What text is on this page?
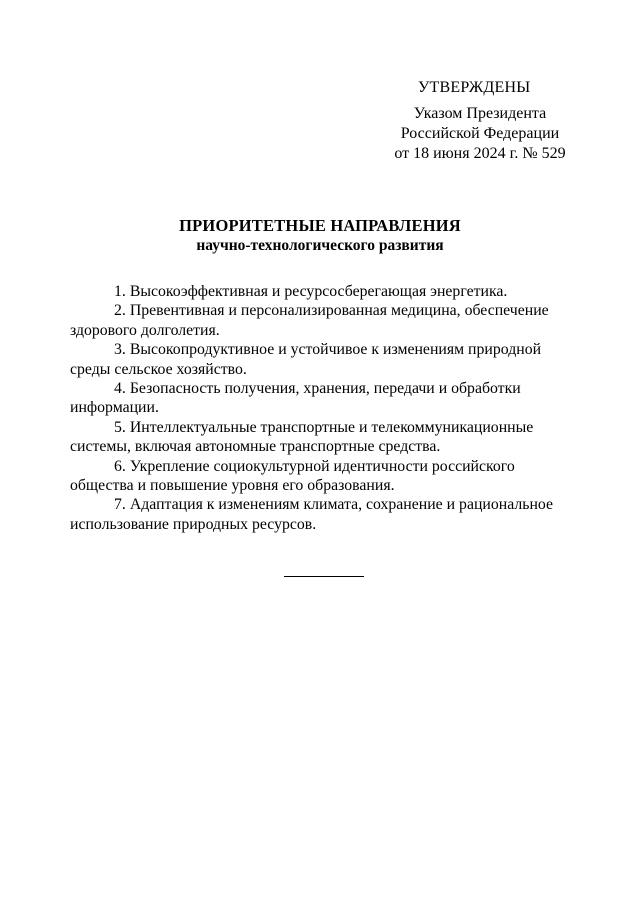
УТВЕРЖДЕНЫ
Указом Президента
Российской Федерации
от 18 июня 2024 г. № 529
ПРИОРИТЕТНЫЕ НАПРАВЛЕНИЯ
научно-технологического развития
1. Высокоэффективная и ресурсосберегающая энергетика.
2. Превентивная и персонализированная медицина, обеспечение
здорового долголетия.
3. Высокопродуктивное и устойчивое к изменениям природной
среды сельское хозяйство.
4. Безопасность получения, хранения, передачи и обработки
информации.
5. Интеллектуальные транспортные и телекоммуникационные
системы, включая автономные транспортные средства.
6. Укрепление социокультурной идентичности российского
общества и повышение уровня его образования.
7. Адаптация к изменениям климата, сохранение и рациональное
использование природных ресурсов.
